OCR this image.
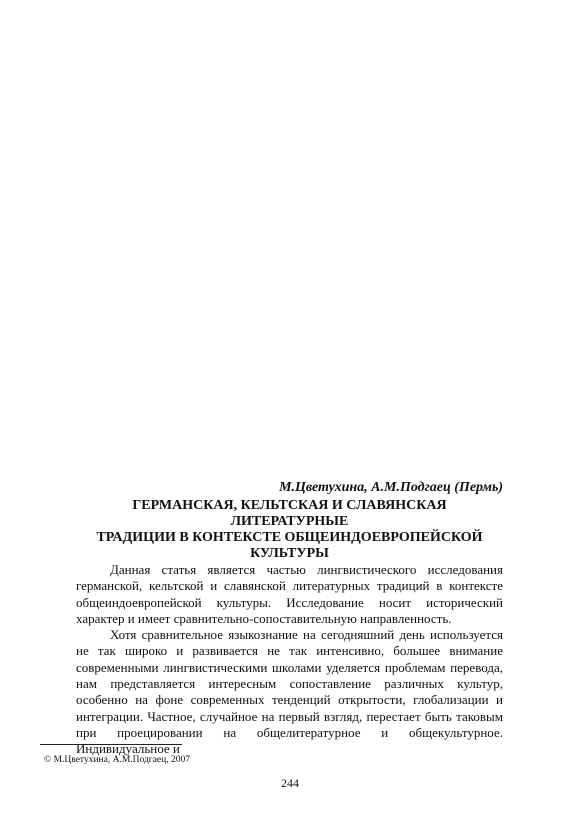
М.Цветухина, А.М.Подгаец (Пермь)

ГЕРМАНСКАЯ, КЕЛЬТСКАЯ И СЛАВЯНСКАЯ ЛИТЕРАТУРНЫЕ
ТРАДИЦИИ В КОНТЕКСТЕ ОБЩЕИНДОЕВРОПЕЙСКОЙ
КУЛЬТУРЫ

Данная статья является частью лингвистического исследования германской, кельтской и славянской литературных традиций в контексте общеиндоевропейской культуры. Исследование носит исторический характер и имеет сравнительно-сопоставительную направленность.

Хотя сравнительное языкознание на сегодняшний день используется не так широко и развивается не так интенсивно, большее внимание современными лингвистическими школами уделяется проблемам перевода, нам представляется интересным сопоставление различных культур, особенно на фоне современных тенденций открытости, глобализации и интеграции. Частное, случайное на первый взгляд, перестает быть таковым при проецировании на общелитературное и общекультурное. Индивидуальное и

© М.Цветухина, А.М.Подгаец, 2007

244
